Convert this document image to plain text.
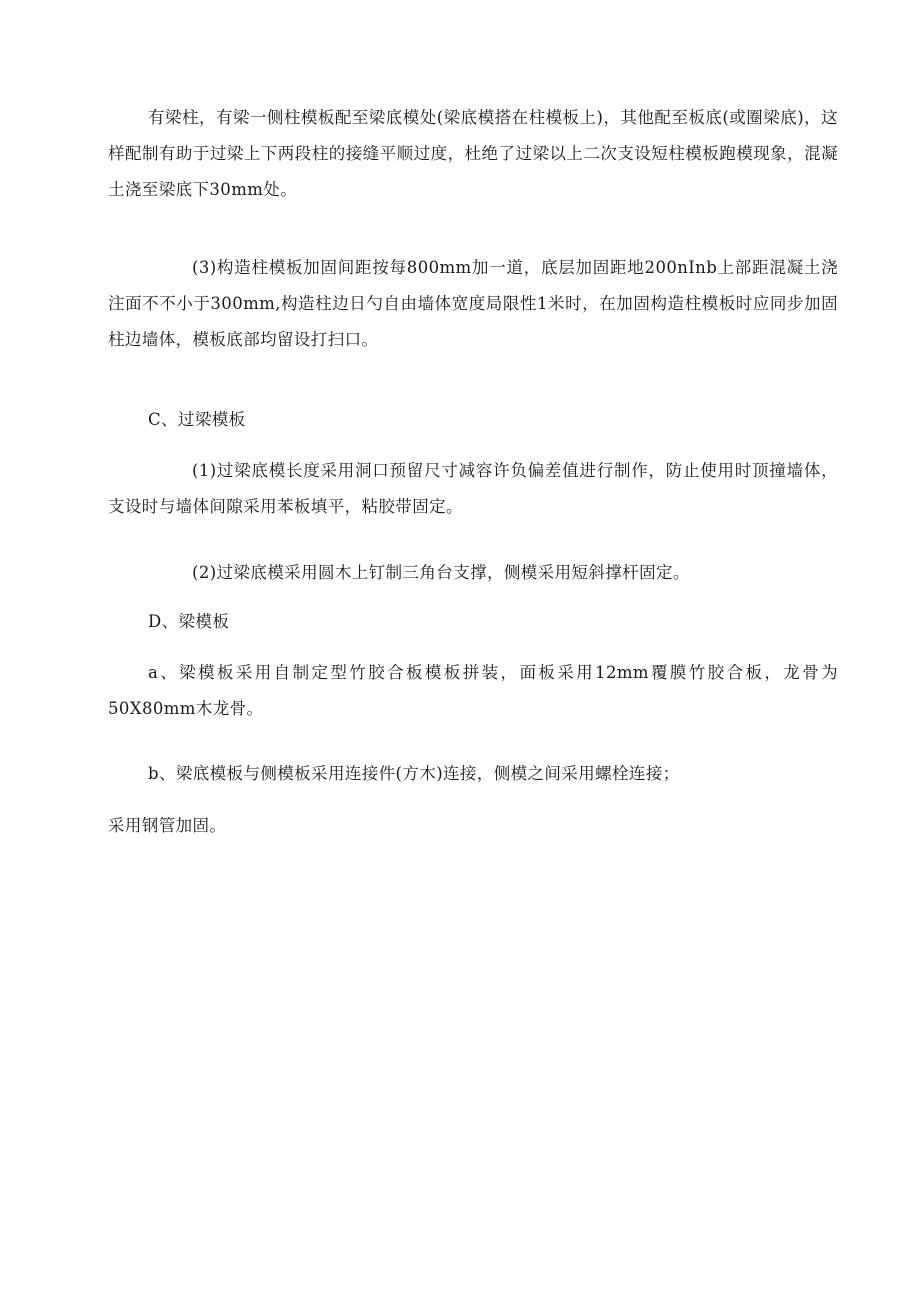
有梁柱，有梁一侧柱模板配至梁底模处(梁底模搭在柱模板上)，其他配至板底(或圈梁底)，这样配制有助于过梁上下两段柱的接缝平顺过度，杜绝了过梁以上二次支设短柱模板跑模现象，混凝土浇至梁底下30mm处。

(3)构造柱模板加固间距按每800mm加一道，底层加固距地200nInb上部距混凝土浇注面不不小于300mm,构造柱边日勺自由墙体宽度局限性1米时，在加固构造柱模板时应同步加固柱边墙体，模板底部均留设打扫口。

C、过梁模板

(1)过梁底模长度采用洞口预留尺寸减容许负偏差值进行制作，防止使用时顶撞墙体，支设时与墙体间隙采用苯板填平，粘胶带固定。

(2)过梁底模采用圆木上钉制三角台支撑，侧模采用短斜撑杆固定。

D、梁模板

a、梁模板采用自制定型竹胶合板模板拼装，面板采用12mm覆膜竹胶合板，龙骨为50X80mm木龙骨。

b、梁底模板与侧模板采用连接件(方木)连接，侧模之间采用螺栓连接；

采用钢管加固。
